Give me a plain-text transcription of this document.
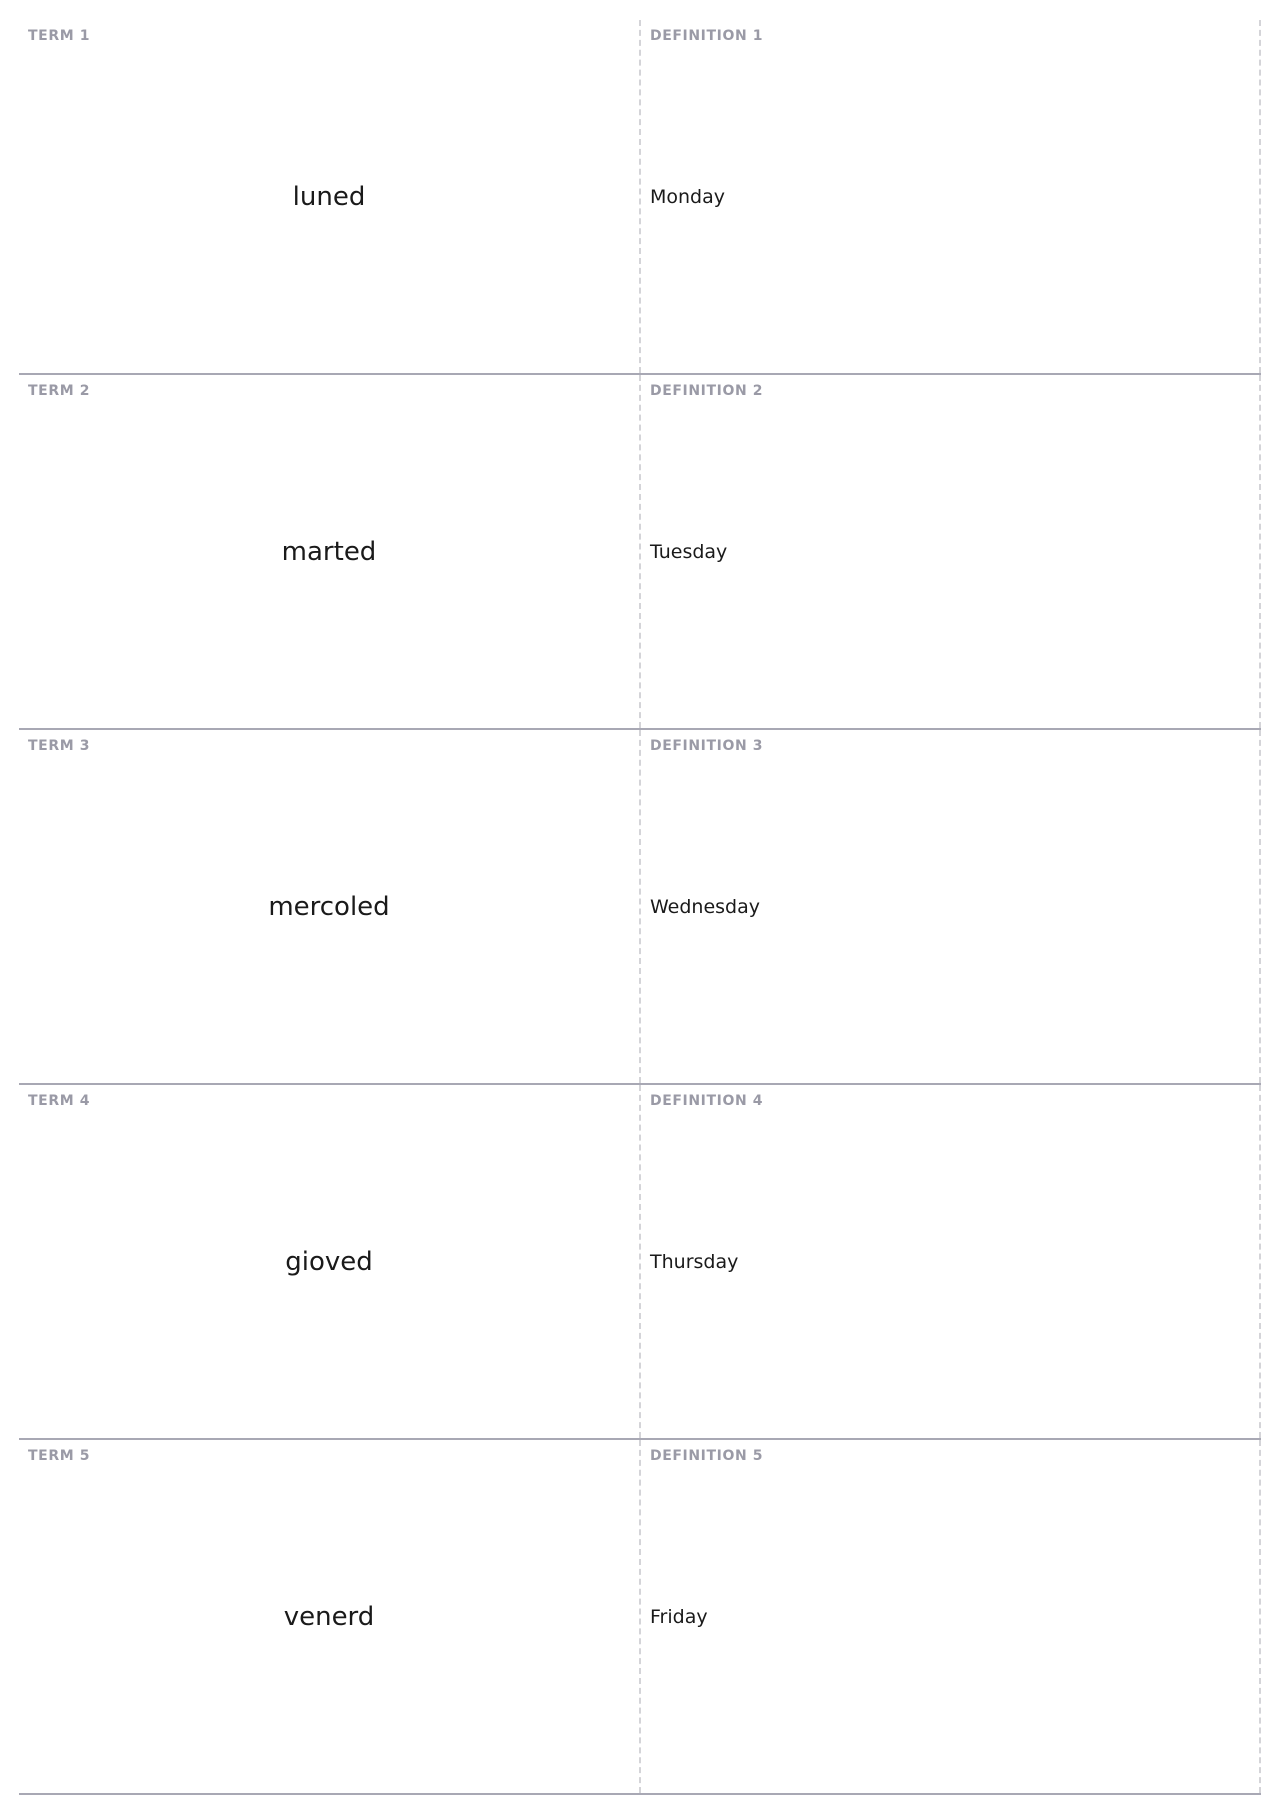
TERM 1
luned
DEFINITION 1
Monday
TERM 2
marted
DEFINITION 2
Tuesday
TERM 3
mercoled
DEFINITION 3
Wednesday
TERM 4
gioved
DEFINITION 4
Thursday
TERM 5
venerd
DEFINITION 5
Friday
